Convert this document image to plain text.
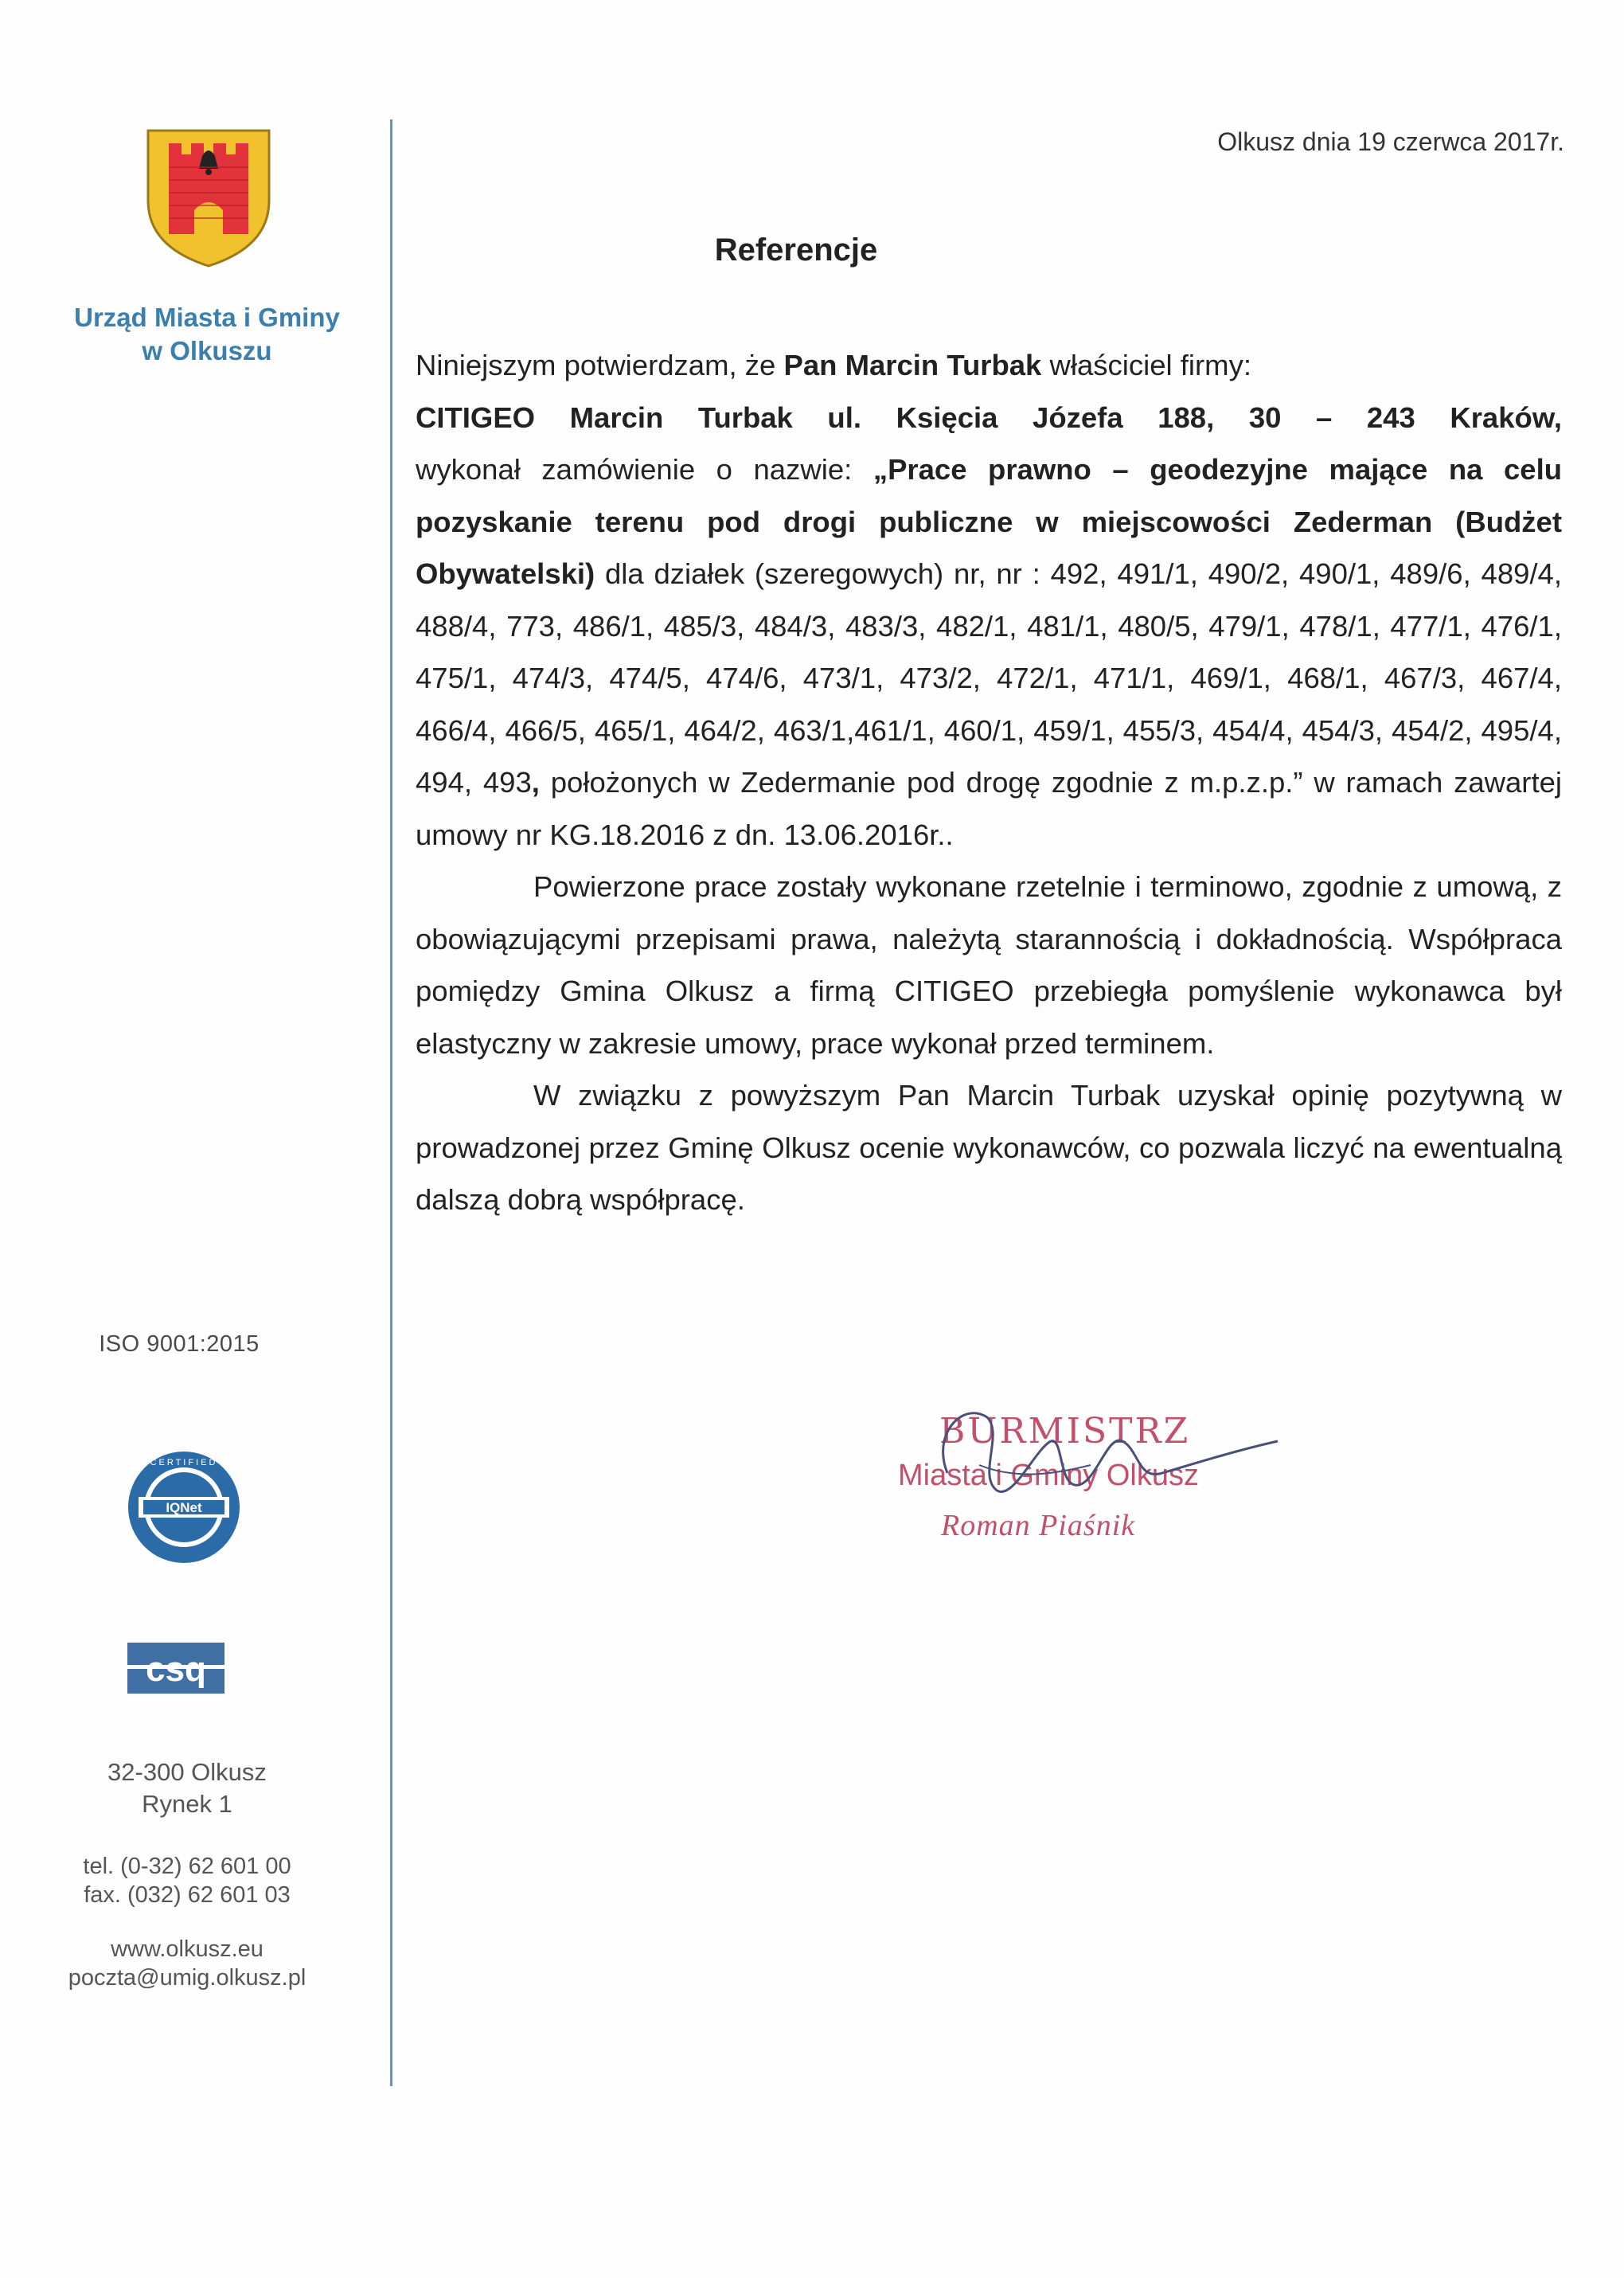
Urząd Miasta i Gminy
w Olkuszu
ISO 9001:2015
IQNet
CERTIFIED
csq
32-300 Olkusz
Rynek 1
tel. (0-32) 62 601 00
fax. (032) 62 601 03
www.olkusz.eu
poczta@umig.olkusz.pl
Olkusz dnia 19 czerwca 2017r.
Referencje

Niniejszym potwierdzam, że Pan Marcin Turbak właściciel firmy:

CITIGEO Marcin Turbak ul. Księcia Józefa 188, 30 – 243 Kraków,

wykonał zamówienie o nazwie: „Prace prawno – geodezyjne mające na celu pozyskanie terenu pod drogi publiczne w miejscowości Zederman (Budżet Obywatelski) dla działek (szeregowych) nr, nr : 492, 491/1, 490/2, 490/1, 489/6, 489/4, 488/4, 773, 486/1, 485/3, 484/3, 483/3, 482/1, 481/1, 480/5, 479/1, 478/1, 477/1, 476/1, 475/1, 474/3, 474/5, 474/6, 473/1, 473/2, 472/1, 471/1, 469/1, 468/1, 467/3, 467/4, 466/4, 466/5, 465/1, 464/2, 463/1,461/1, 460/1, 459/1, 455/3, 454/4, 454/3, 454/2, 495/4, 494, 493, położonych w Zedermanie pod drogę zgodnie z m.p.z.p.” w ramach zawartej umowy nr KG.18.2016 z dn. 13.06.2016r..

Powierzone prace zostały wykonane rzetelnie i terminowo, zgodnie z umową, z obowiązującymi przepisami prawa, należytą starannością i dokładnością. Współpraca pomiędzy Gmina Olkusz a firmą CITIGEO przebiegła pomyślenie wykonawca był elastyczny w zakresie umowy, prace wykonał przed terminem.

W związku z powyższym Pan Marcin Turbak uzyskał opinię pozytywną w prowadzonej przez Gminę Olkusz ocenie wykonawców, co pozwala liczyć na ewentualną dalszą dobrą współpracę.

BURMISTRZ
Miasta i Gminy Olkusz
Roman Piaśnik
